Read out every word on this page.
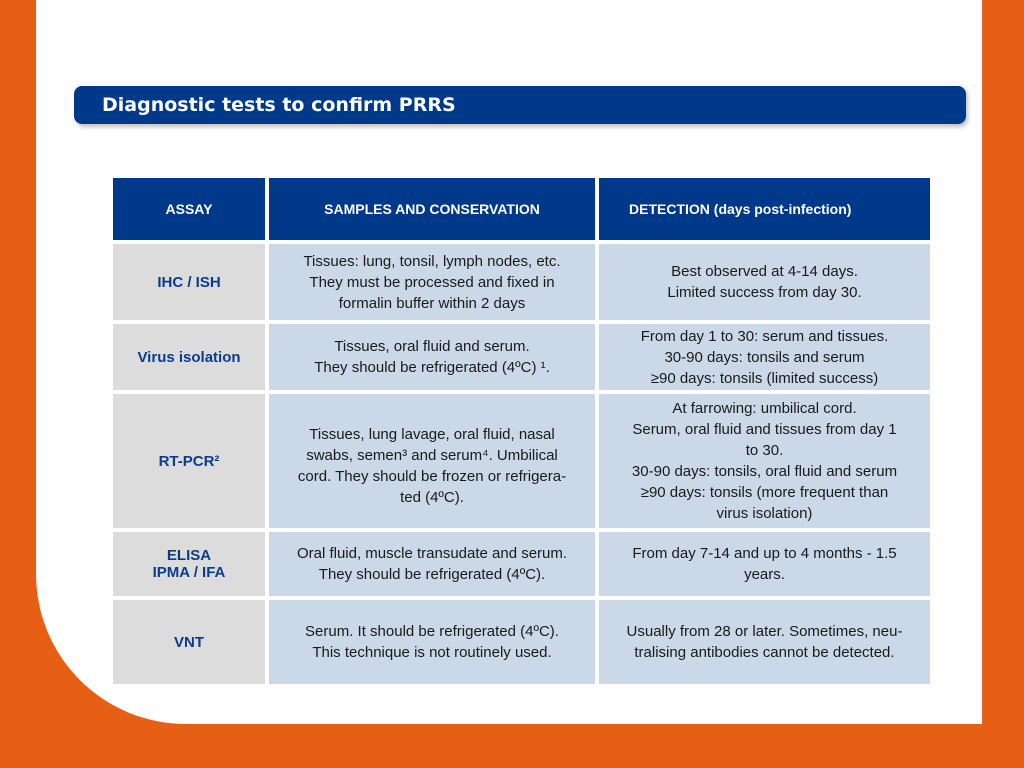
Diagnostic tests to confirm PRRS
ASSAY	SAMPLES AND CONSERVATION	DETECTION (days post-infection)
IHC / ISH
Tissues: lung, tonsil, lymph nodes, etc.
They must be processed and fixed in
formalin buffer within 2 days
Best observed at 4-14 days.
Limited success from day 30.
Virus isolation
Tissues, oral fluid and serum.
They should be refrigerated (4ºC) ¹.
From day 1 to 30: serum and tissues.
30-90 days: tonsils and serum
≥90 days: tonsils (limited success)
RT-PCR²
Tissues, lung lavage, oral fluid, nasal
swabs, semen³ and serum⁴. Umbilical
cord. They should be frozen or refrigera-
ted (4ºC).
At farrowing: umbilical cord.
Serum, oral fluid and tissues from day 1
to 30.
30-90 days: tonsils, oral fluid and serum
≥90 days: tonsils (more frequent than
virus isolation)
ELISA
IPMA / IFA
Oral fluid, muscle transudate and serum.
They should be refrigerated (4ºC).
From day 7-14 and up to 4 months - 1.5
years.
VNT
Serum. It should be refrigerated (4ºC).
This technique is not routinely used.
Usually from 28 or later. Sometimes, neu-
tralising antibodies cannot be detected.
